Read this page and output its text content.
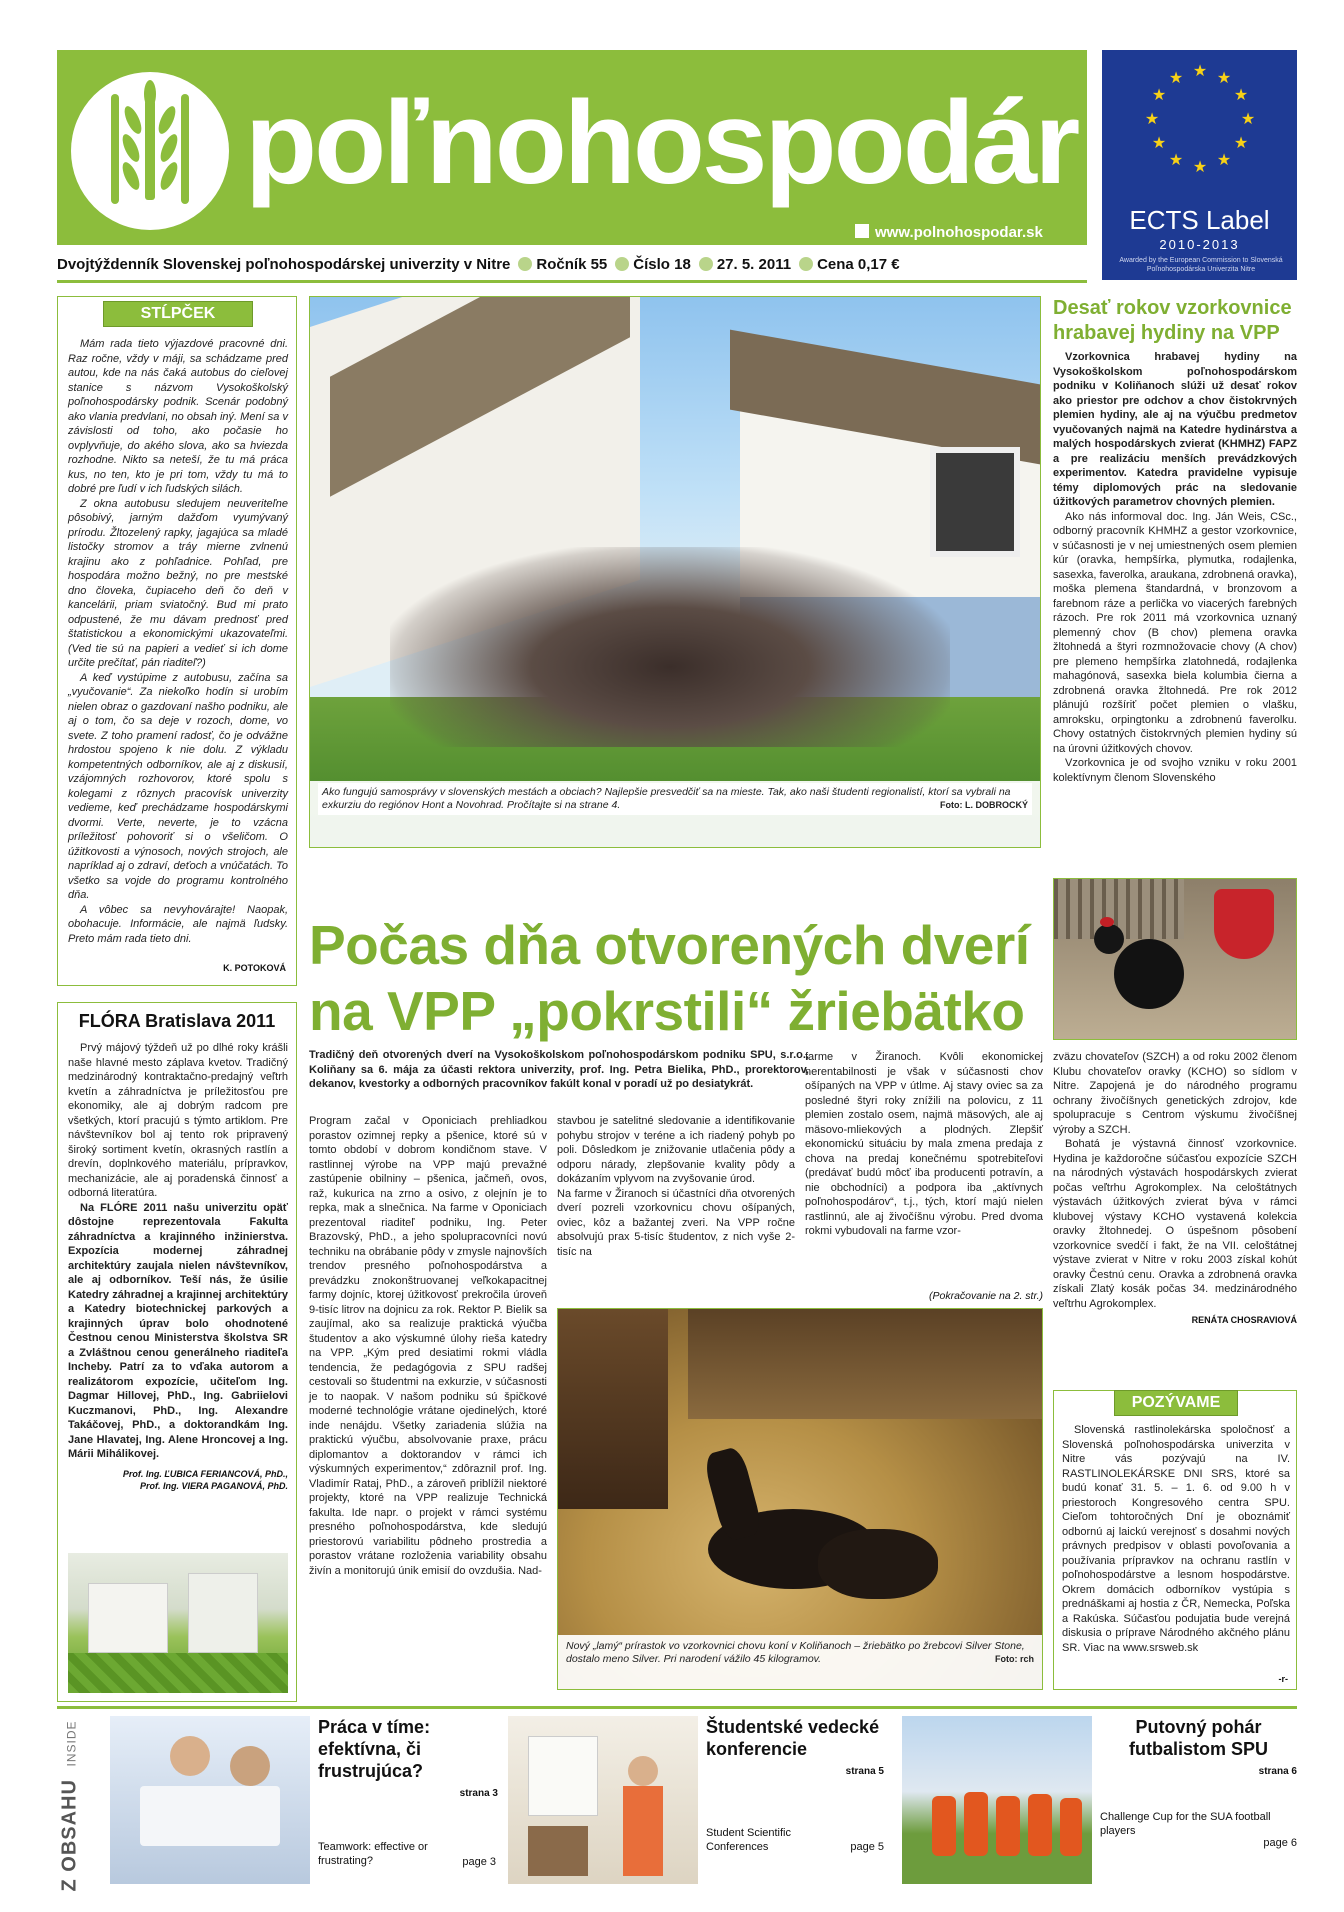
poľnohospodár
www.polnohospodar.sk
★ ★
★
★
★
★
★
★
★
★
★
★
ECTS Label
2010-2013
Awarded by the European Commission to Slovenská Poľnohospodárska Univerzita Nitre
Dvojtýždenník Slovenskej poľnohospodárskej univerzity v Nitre Ročník 55 Číslo 18 27. 5. 2011 Cena 0,17 €
STĹPČEK

Mám rada tieto výjazdové pracovné dni. Raz ročne, vždy v máji, sa schádzame pred autou, kde na nás čaká autobus do cieľovej stanice s názvom Vysokoškolský poľnohospodársky podnik. Scenár podobný ako vlania predvlani, no obsah iný. Mení sa v závislosti od toho, ako počasie ho ovplyvňuje, do akého slova, ako sa hviezda rozhodne. Nikto sa neteší, že tu má práca kus, no ten, kto je pri tom, vždy tu má to dobré pre ľudí v ich ľudských silách.

Z okna autobusu sledujem neuveriteľne pôsobivý, jarným dažďom vyumývaný prírodu. Žltozelený rapky, jagajúca sa mladé listočky stromov a tráy mierne zvlnenú krajinu ako z pohľadnice. Pohľad, pre hospodára možno bežný, no pre mestské dno človeka, čupiaceho deň čo deň v kancelárii, priam sviatočný. Bud mi prato odpustené, že mu dávam prednosť pred štatistickou a ekonomickými ukazovateľmi. (Ved tie sú na papieri a vedieť si ich dome určite prečítať, pán riaditeľ?)

A keď vystúpime z autobusu, začína sa „vyučovanie“. Za niekoľko hodín si urobím nielen obraz o gazdovaní našho podniku, ale aj o tom, čo sa deje v rozoch, dome, vo svete. Z toho pramení radosť, čo je odvážne hrdostou spojeno k nie dolu. Z výkladu kompetentných odborníkov, ale aj z diskusií, vzájomných rozhovorov, ktoré spolu s kolegami z rôznych pracovísk univerzity vedieme, keď prechádzame hospodárskymi dvormi. Verte, neverte, je to vzácna príležitosť pohovoriť si o všeličom. O úžitkovosti a výnosoch, nových strojoch, ale napríklad aj o zdraví, deťoch a vnúčatách. To všetko sa vojde do programu kontrolného dňa.

A vôbec sa nevyhovárajte! Naopak, obohacuje. Informácie, ale najmä ľudsky. Preto mám rada tieto dni.

K. POTOKOVÁ
FLÓRA Bratislava 2011

Prvý májový týždeň už po dlhé roky krášli naše hlavné mesto záplava kvetov. Tradičný medzinárodný kontraktačno-predajný veľtrh kvetín a záhradníctva je príležitosťou pre ekonomiky, ale aj dobrým radcom pre všetkých, ktorí pracujú s týmto artiklom. Pre návštevníkov bol aj tento rok pripravený široký sortiment kvetín, okrasných rastlín a drevín, doplnkového materiálu, prípravkov, mechanizácie, ale aj poradenská činnosť a odborná literatúra.

Na FLÓRE 2011 našu univerzitu opäť dôstojne reprezentovala Fakulta záhradníctva a krajinného inžinierstva. Expozícia modernej záhradnej architektúry zaujala nielen návštevníkov, ale aj odborníkov. Teší nás, že úsilie Katedry záhradnej a krajinnej architektúry a Katedry biotechnickej parkových a krajinných úprav bolo ohodnotené Čestnou cenou Ministerstva školstva SR a Zvláštnou cenou generálneho riaditeľa Incheby. Patrí za to vďaka autorom a realizátorom expozície, učiteľom Ing. Dagmar Hillovej, PhD., Ing. Gabriielovi Kuczmanovi, PhD., Ing. Alexandre Takáčovej, PhD., a doktorandkám Ing. Jane Hlavatej, Ing. Alene Hroncovej a Ing. Márii Mihálikovej.

Prof. Ing. ĽUBICA FERIANCOVÁ, PhD.,

Prof. Ing. VIERA PAGANOVÁ, PhD.

Ako fungujú samosprávy v slovenských mestách a obciach? Najlepšie presvedčiť sa na mieste. Tak, ako naši študenti regionalistí, ktorí sa vybrali na exkurziu do regiónov Hont a Novohrad. Pročítajte si na strane 4.	Foto: L. DOBROCKÝ
Počas dňa otvorených dverí
na VPP „pokrstili“ žriebätko
Tradičný deň otvorených dverí na Vysokoškolskom poľnohospodárskom podniku SPU, s.r.o., Koliňany sa 6. mája za účasti rektora univerzity, prof. Ing. Petra Bielika, PhD., prorektorov, dekanov, kvestorky a odborných pracovníkov fakúlt konal v poradí už po desiatykrát.
Program začal v Oponiciach prehliadkou porastov ozimnej repky a pšenice, ktoré sú v tomto období v dobrom kondičnom stave. V rastlinnej výrobe na VPP majú prevažné zastúpenie obilniny – pšenica, jačmeň, ovos, raž, kukurica na zrno a osivo, z olejnín je to repka, mak a slnečnica. Na farme v Oponiciach prezentoval riaditeľ podniku, Ing. Peter Brazovský, PhD., a jeho spolupracovníci novú techniku na obrábanie pôdy v zmysle najnovších trendov presného poľnohospodárstva a prevádzku znokonštruovanej veľkokapacitnej farmy dojníc, ktorej úžitkovosť prekročila úroveň 9-tisíc litrov na dojnicu za rok. Rektor P. Bielik sa zaujímal, ako sa realizuje praktická výučba študentov a ako výskumné úlohy rieša katedry na VPP. „Kým pred desiatimi rokmi vládla tendencia, že pedagógovia z SPU radšej cestovali so študentmi na exkurzie, v súčasnosti je to naopak. V našom podniku sú špičkové moderné technológie vrátane ojedinelých, ktoré inde nenájdu. Všetky zariadenia slúžia na praktickú výučbu, absolvovanie praxe, prácu diplomantov a doktorandov v rámci ich výskumných experimentov,“ zdôraznil prof. Ing. Vladimír Rataj, PhD., a zároveň priblížil niektoré projekty, ktoré na VPP realizuje Technická fakulta. Ide napr. o projekt v rámci systému presného poľnohospodárstva, kde sledujú priestorovú variabilitu pôdneho prostredia a porastov vrátane rozloženia variability obsahu živín a monitorujú únik emisií do ovzdušia. Nad-
stavbou je satelitné sledovanie a identifikovanie pohybu strojov v teréne a ich riadený pohyb po poli. Dôsledkom je znižovanie utlačenia pôdy a odporu nárady, zlepšovanie kvality pôdy a dokázaním vplyvom na zvyšovanie úrod.
Na farme v Žiranoch si účastníci dňa otvorených dverí pozreli vzorkovnicu chovu ošípaných, oviec, kôz a bažantej zveri. Na VPP ročne absolvujú prax 5-tisíc študentov, z nich vyše 2-tisíc na
farme v Žiranoch. Kvôli ekonomickej nerentabilnosti je však v súčasnosti chov ošípaných na VPP v útlme. Aj stavy oviec sa za posledné štyri roky znížili na polovicu, z 11 plemien zostalo osem, najmä mäsových, ale aj mäsovo-mliekových a plodných. Zlepšiť ekonomickú situáciu by mala zmena predaja z chova na predaj konečnému spotrebiteľovi (predávať budú môcť iba producenti potravín, a nie obchodníci) a podpora iba „aktívnych poľnohospodárov“, t.j., tých, ktorí majú nielen rastlinnú, ale aj živočíšnu výrobu. Pred dvoma rokmi vybudovali na farme vzor-
(Pokračovanie na 2. str.)
Nový „lamý“ prírastok vo vzorkovnici chovu koní v Koliňanoch – žriebätko po žrebcovi Silver Stone, dostalo meno Silver. Pri narodení vážilo 45 kilogramov.	Foto: rch
Desať rokov vzorkovnice
hrabavej hydiny na VPP

Vzorkovnica hrabavej hydiny na Vysokoškolskom poľnohospodárskom podniku v Koliňanoch slúži už desať rokov ako priestor pre odchov a chov čistokrvných plemien hydiny, ale aj na výučbu predmetov vyučovaných najmä na Katedre hydinárstva a malých hospodárskych zvierat (KHMHZ) FAPZ a pre realizáciu menších prevádzkových experimentov. Katedra pravidelne vypisuje témy diplomových prác na sledovanie úžitkových parametrov chovných plemien.

Ako nás informoval doc. Ing. Ján Weis, CSc., odborný pracovník KHMHZ a gestor vzorkovnice, v súčasnosti je v nej umiestnených osem plemien kúr (oravka, hempšírka, plymutka, rodajlenka, sasexka, faverolka, araukana, zdrobnená oravka), moška plemena štandardná, v bronzovom a farebnom ráze a perlička vo viacerých farebných rázoch. Pre rok 2011 má vzorkovnica uznaný plemenný chov (B chov) plemena oravka žltohnedá a štyri rozmnožovacie chovy (A chov) pre plemeno hempšírka zlatohnedá, rodajlenka mahagónová, sasexka biela kolumbia čierna a zdrobnená oravka žltohnedá. Pre rok 2012 plánujú rozšíriť počet plemien o vlašku, amroksku, orpingtonku a zdrobnenú faverolku. Chovy ostatných čistokrvných plemien hydiny sú na úrovni úžitkových chovov.

Vzorkovnica je od svojho vzniku v roku 2001 kolektívnym členom Slovenského

zväzu chovateľov (SZCH) a od roku 2002 členom Klubu chovateľov oravky (KCHO) so sídlom v Nitre. Zapojená je do národného programu ochrany živočíšnych genetických zdrojov, kde spolupracuje s Centrom výskumu živočíšnej výroby a SZCH.

Bohatá je výstavná činnosť vzorkovnice. Hydina je každoročne súčasťou expozície SZCH na národných výstavách hospodárskych zvierat počas veľtrhu Agrokomplex. Na celoštátnych výstavách úžitkových zvierat býva v rámci klubovej výstavy KCHO vystavená kolekcia oravky žltohnedej. O úspešnom pôsobení vzorkovnice svedčí i fakt, že na VII. celoštátnej výstave zvierat v Nitre v roku 2003 získal kohút oravky Čestnú cenu. Oravka a zdrobnená oravka získali Zlatý kosák počas 34. medzinárodného veľtrhu Agrokomplex.

RENÁTA CHOSRAVIOVÁ

POZÝVAME
Slovenská rastlinolekárska spoločnosť a Slovenská poľnohospodárska univerzita v Nitre vás pozývajú na IV. RASTLINOLEKÁRSKE DNI SRS, ktoré sa budú konať 31. 5. – 1. 6. od 9.00 h v priestoroch Kongresového centra SPU. Cieľom tohtoročných Dní je oboznámiť odbornú aj laickú verejnosť s dosahmi nových právnych predpisov v oblasti povoľovania a používania prípravkov na ochranu rastlín v poľnohospodárstve a lesnom hospodárstve. Okrem domácich odborníkov vystúpia s prednáškami aj hostia z ČR, Nemecka, Poľska a Rakúska. Súčasťou podujatia bude verejná diskusia o príprave Národného akčného plánu SR. Viac na www.srsweb.sk
-r-
Z OBSAHU INSIDE	Práca v tíme: efektívna, či frustrujúca?
strana 3
Teamwork: effective or frustrating?	page 3
Študentské vedecké konferencie
strana 5
Student Scientific Conferences	page 5
Putovný pohár futbalistom SPU
strana 6
Challenge Cup for the SUA football players
page 6
